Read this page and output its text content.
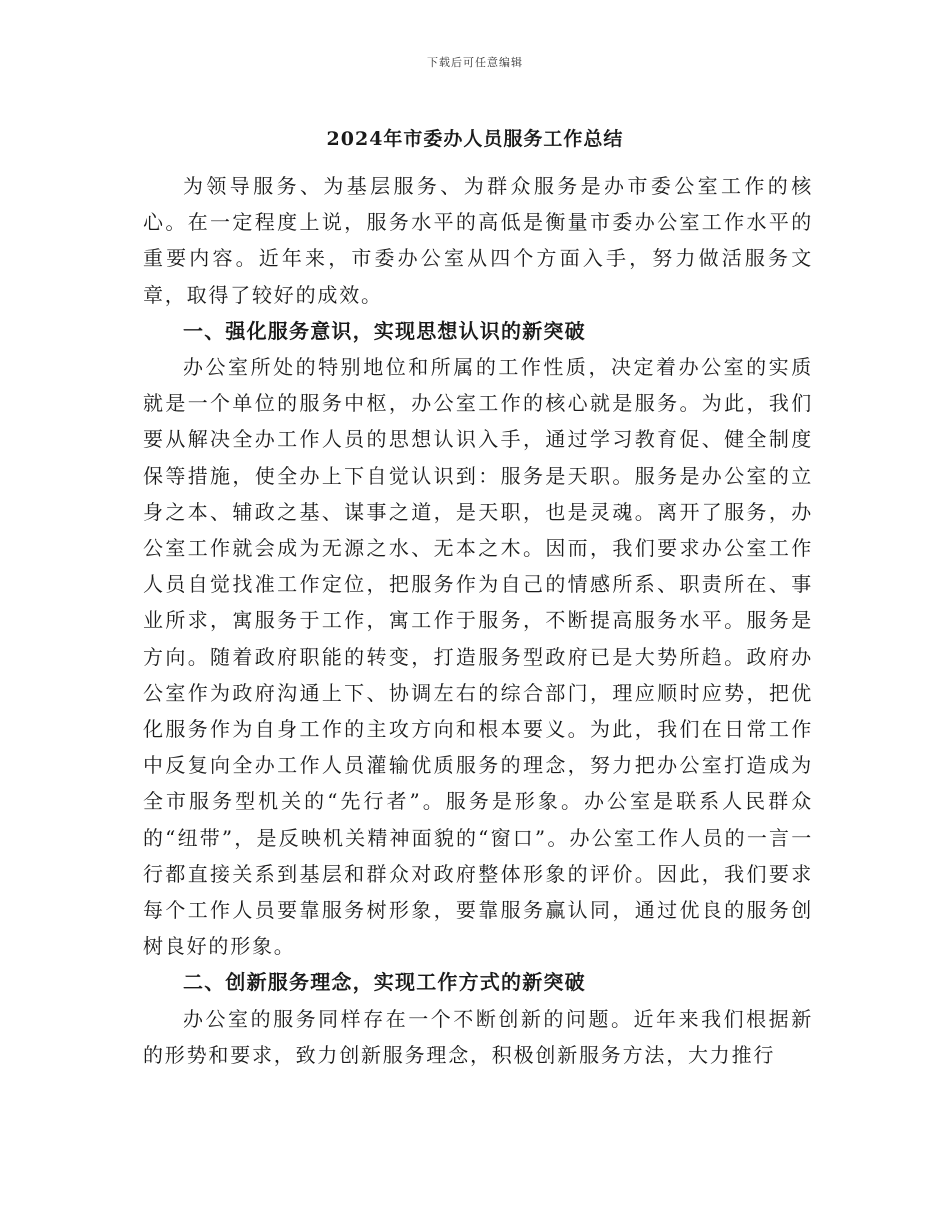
下载后可任意编辑
2024年市委办人员服务工作总结

为领导服务、为基层服务、为群众服务是办市委公室工作的核心。在一定程度上说，服务水平的高低是衡量市委办公室工作水平的重要内容。近年来，市委办公室从四个方面入手，努力做活服务文章，取得了较好的成效。

一、强化服务意识，实现思想认识的新突破

办公室所处的特别地位和所属的工作性质，决定着办公室的实质就是一个单位的服务中枢，办公室工作的核心就是服务。为此，我们要从解决全办工作人员的思想认识入手，通过学习教育促、健全制度保等措施，使全办上下自觉认识到：服务是天职。服务是办公室的立身之本、辅政之基、谋事之道，是天职，也是灵魂。离开了服务，办公室工作就会成为无源之水、无本之木。因而，我们要求办公室工作人员自觉找准工作定位，把服务作为自己的情感所系、职责所在、事业所求，寓服务于工作，寓工作于服务，不断提高服务水平。服务是方向。随着政府职能的转变，打造服务型政府已是大势所趋。政府办公室作为政府沟通上下、协调左右的综合部门，理应顺时应势，把优化服务作为自身工作的主攻方向和根本要义。为此，我们在日常工作中反复向全办工作人员灌输优质服务的理念，努力把办公室打造成为全市服务型机关的“先行者”。服务是形象。办公室是联系人民群众的“纽带”，是反映机关精神面貌的“窗口”。办公室工作人员的一言一行都直接关系到基层和群众对政府整体形象的评价。因此，我们要求每个工作人员要靠服务树形象，要靠服务赢认同，通过优良的服务创树良好的形象。

二、创新服务理念，实现工作方式的新突破

办公室的服务同样存在一个不断创新的问题。近年来我们根据新的形势和要求，致力创新服务理念，积极创新服务方法，大力推行
